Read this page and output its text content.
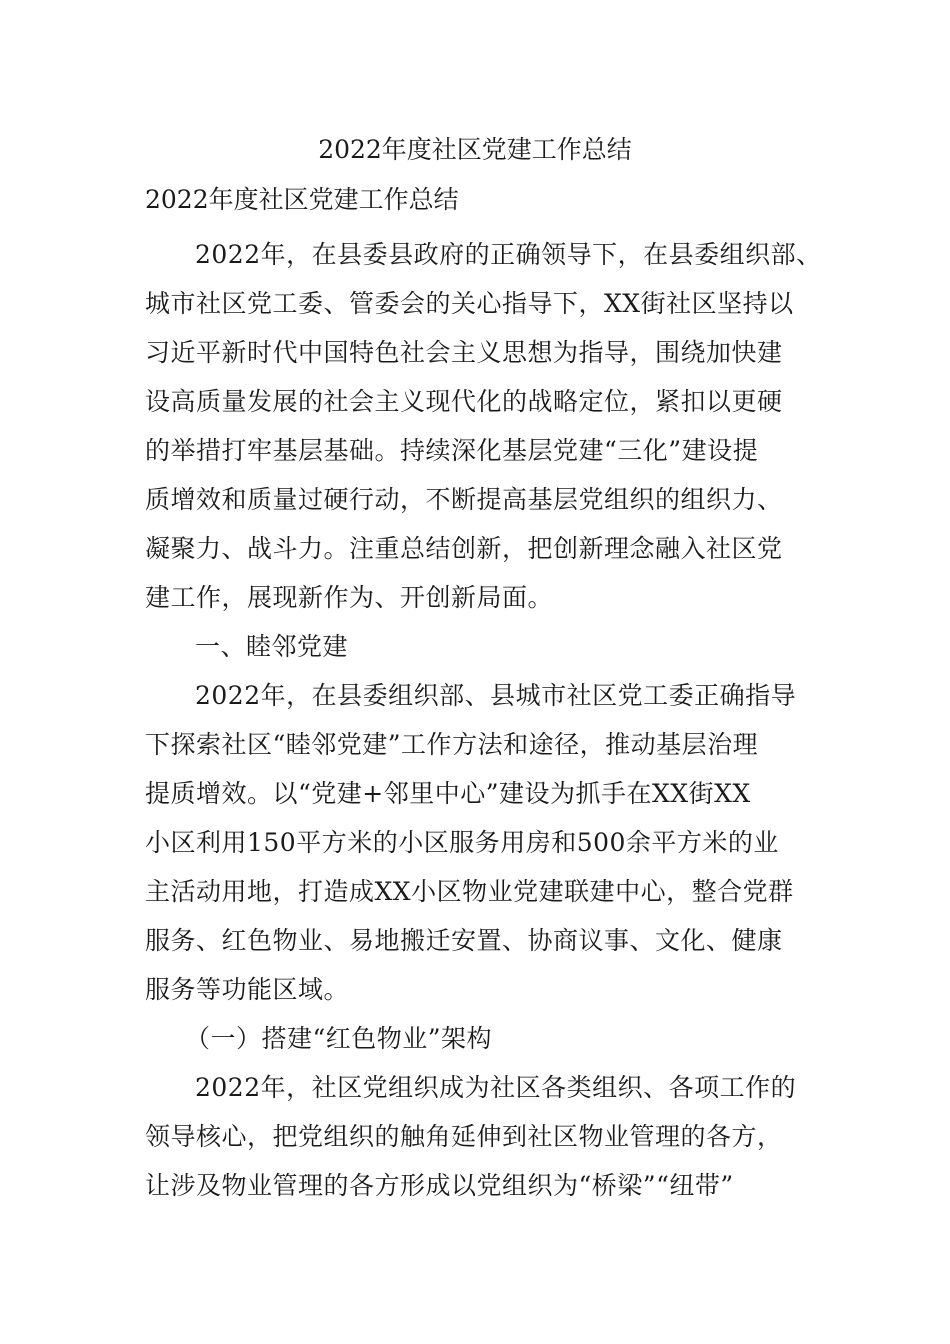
2022年度社区党建工作总结
2022年度社区党建工作总结

2022年，在县委县政府的正确领导下，在县委组织部、
城市社区党工委、管委会的关心指导下，XX街社区坚持以
习近平新时代中国特色社会主义思想为指导，围绕加快建
设高质量发展的社会主义现代化的战略定位，紧扣以更硬
的举措打牢基层基础。持续深化基层党建“三化”建设提
质增效和质量过硬行动，不断提高基层党组织的组织力、
凝聚力、战斗力。注重总结创新，把创新理念融入社区党
建工作，展现新作为、开创新局面。

一、睦邻党建

2022年，在县委组织部、县城市社区党工委正确指导
下探索社区“睦邻党建”工作方法和途径，推动基层治理
提质增效。以“党建+邻里中心”建设为抓手在XX街XX
小区利用150平方米的小区服务用房和500余平方米的业
主活动用地，打造成XX小区物业党建联建中心，整合党群
服务、红色物业、易地搬迁安置、协商议事、文化、健康
服务等功能区域。

（一）搭建“红色物业”架构

2022年，社区党组织成为社区各类组织、各项工作的
领导核心，把党组织的触角延伸到社区物业管理的各方，
让涉及物业管理的各方形成以党组织为“桥梁”“纽带”
